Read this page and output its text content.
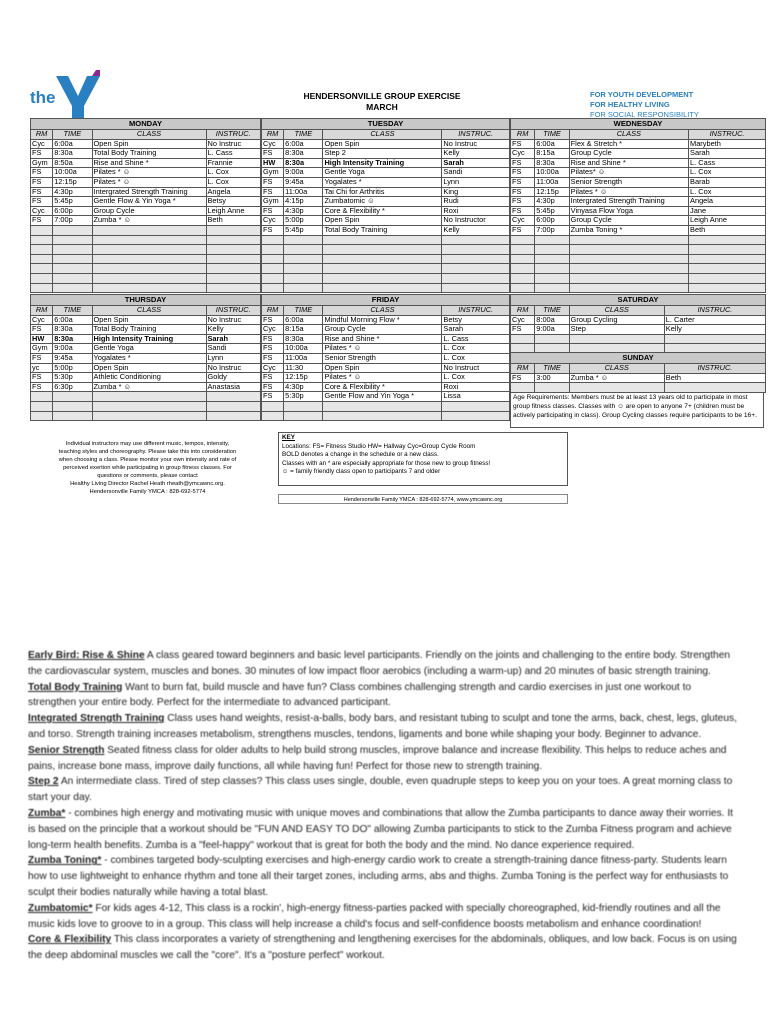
the	HENDERSONVILLE GROUP EXERCISE
MARCH
FOR YOUTH DEVELOPMENT
FOR HEALTHY LIVING
FOR SOCIAL RESPONSIBILITY
MONDAY			
RM	TIME	CLASS	INSTRUC.
Cyc	6:00a	Open Spin	No Instruc
FS	8:30a	Total Body Training	L. Cass
Gym	8:50a	Rise and Shine *	Frannie
FS	10:00a	Pilates * ☺	L. Cox
FS	12:15p	Pilates * ☺	L. Cox
FS	4:30p	Intergrated Strength Training	Angela
FS	5:45p	Gentle Flow & Yin Yoga *	Betsy
Cyc	6:00p	Group Cycle	Leigh Anne
FS	7:00p	Zumba * ☺	Beth

TUESDAY			
RM	TIME	CLASS	INSTRUC.
Cyc	6:00a	Open Spin	No Instruc
FS	8:30a	Step 2	Kelly
HW	8:30a	High Intensity Training	Sarah
Gym	9:00a	Gentle Yoga	Sandi
FS	9:45a	Yogalates *	Lynn
FS	11:00a	Tai Chi for Arthritis	King
Gym	4:15p	Zumbatomic ☺	Rudi
FS	4:30p	Core & Flexibility *	Roxi
Cyc	5:00p	Open Spin	No Instructor
FS	5:45p	Total Body Training	Kelly

WEDNESDAY			
RM	TIME	CLASS	INSTRUC.
FS	6:00a	Flex & Stretch *	Marybeth
Cyc	8:15a	Group Cycle	Sarah
FS	8:30a	Rise and Shine *	L. Cass
FS	10:00a	Pilates* ☺	L. Cox
FS	11:00a	Senior Strength	Barab
FS	12:15p	Pilates * ☺	L. Cox
FS	4:30p	Intergrated Strength Training	Angela
FS	5:45p	Vinyasa Flow Yoga	Jane
Cyc	6:00p	Group Cycle	Leigh Anne
FS	7:00p	Zumba Toning *	Beth

THURSDAY			
RM	TIME	CLASS	INSTRUC.
Cyc	6:00a	Open Spin	No Instruc
FS	8:30a	Total Body Training	Kelly
HW	8:30a	High Intensity Training	Sarah
Gym	9:00a	Gentle Yoga	Sandi
FS	9:45a	Yogalates *	Lynn
yc	5:00p	Open Spin	No Instruc
FS	5:30p	Athletic Conditioning	Goldy
FS	6:30p	Zumba * ☺	Anastasia

FRIDAY			
RM	TIME	CLASS	INSTRUC.
FS	6:00a	Mindful Morning Flow *	Betsy
Cyc	8:15a	Group Cycle	Sarah
FS	8:30a	Rise and Shine *	L. Cass
FS	10:00a	Pilates * ☺	L. Cox
FS	11:00a	Senior Strength	L. Cox
Cyc	11:30	Open Spin	No Instruct
FS	12:15p	Pilates * ☺	L. Cox
FS	4:30p	Core & Flexibility *	Roxi
FS	5:30p	Gentle Flow and Yin Yoga *	Lissa

SATURDAY			
RM	TIME	CLASS	INSTRUC.
Cyc	8:00a	Group Cycling	L. Carter
FS	9:00a	Step	Kelly

SUNDAY			
RM	TIME	CLASS	INSTRUC.
FS	3:00	Zumba * ☺	Beth

Age Requirements: Members must be at least 13 years old to participate in most group fitness classes. Classes with ☺ are open to anyone 7+ (children must be actively participating in class). Group Cycling classes require participants to be 16+.
Individual instructors may use different music, tempos, intensity,
teaching styles and choreography. Please take this into consideration
when choosing a class. Please monitor your own intensity and rate of
perceived exertion while participating in group fitness classes. For
questions or comments, please contact
Healthy Living Director Rachel Heath rheath@ymcawnc.org.
Hendersonville Family YMCA : 828-692-5774
KEY
Locations: FS= Fitness Studio HW= Hallway Cyc=Group Cycle Room
BOLD denotes a change in the schedule or a new class.
Classes with an * are especially appropriate for those new to group fitness!
☺ = family friendly class open to participants 7 and older
Hendersonville Family YMCA : 828-692-5774, www.ymcawnc.org

Early Bird: Rise & Shine A class geared toward beginners and basic level participants. Friendly on the joints and challenging to the entire body. Strengthen the cardiovascular system, muscles and bones. 30 minutes of low impact floor aerobics (including a warm-up) and 20 minutes of basic strength training.

Total Body Training Want to burn fat, build muscle and have fun? Class combines challenging strength and cardio exercises in just one workout to strengthen your entire body. Perfect for the intermediate to advanced participant.

Integrated Strength Training Class uses hand weights, resist-a-balls, body bars, and resistant tubing to sculpt and tone the arms, back, chest, legs, gluteus, and torso. Strength training increases metabolism, strengthens muscles, tendons, ligaments and bone while shaping your body. Beginner to advance.

Senior Strength Seated fitness class for older adults to help build strong muscles, improve balance and increase flexibility. This helps to reduce aches and pains, increase bone mass, improve daily functions, all while having fun! Perfect for those new to strength training.

Step 2 An intermediate class. Tired of step classes? This class uses single, double, even quadruple steps to keep you on your toes. A great morning class to start your day.

Zumba* - combines high energy and motivating music with unique moves and combinations that allow the Zumba participants to dance away their worries. It is based on the principle that a workout should be "FUN AND EASY TO DO" allowing Zumba participants to stick to the Zumba Fitness program and achieve long-term health benefits. Zumba is a "feel-happy" workout that is great for both the body and the mind. No dance experience required.

Zumba Toning* - combines targeted body-sculpting exercises and high-energy cardio work to create a strength-training dance fitness-party. Students learn how to use lightweight to enhance rhythm and tone all their target zones, including arms, abs and thighs. Zumba Toning is the perfect way for enthusiasts to sculpt their bodies naturally while having a total blast.

Zumbatomic* For kids ages 4-12, This class is a rockin', high-energy fitness-parties packed with specially choreographed, kid-friendly routines and all the music kids love to groove to in a group. This class will help increase a child's focus and self-confidence boosts metabolism and enhance coordination!

Core & Flexibility This class incorporates a variety of strengthening and lengthening exercises for the abdominals, obliques, and low back. Focus is on using the deep abdominal muscles we call the "core". It's a "posture perfect" workout.
